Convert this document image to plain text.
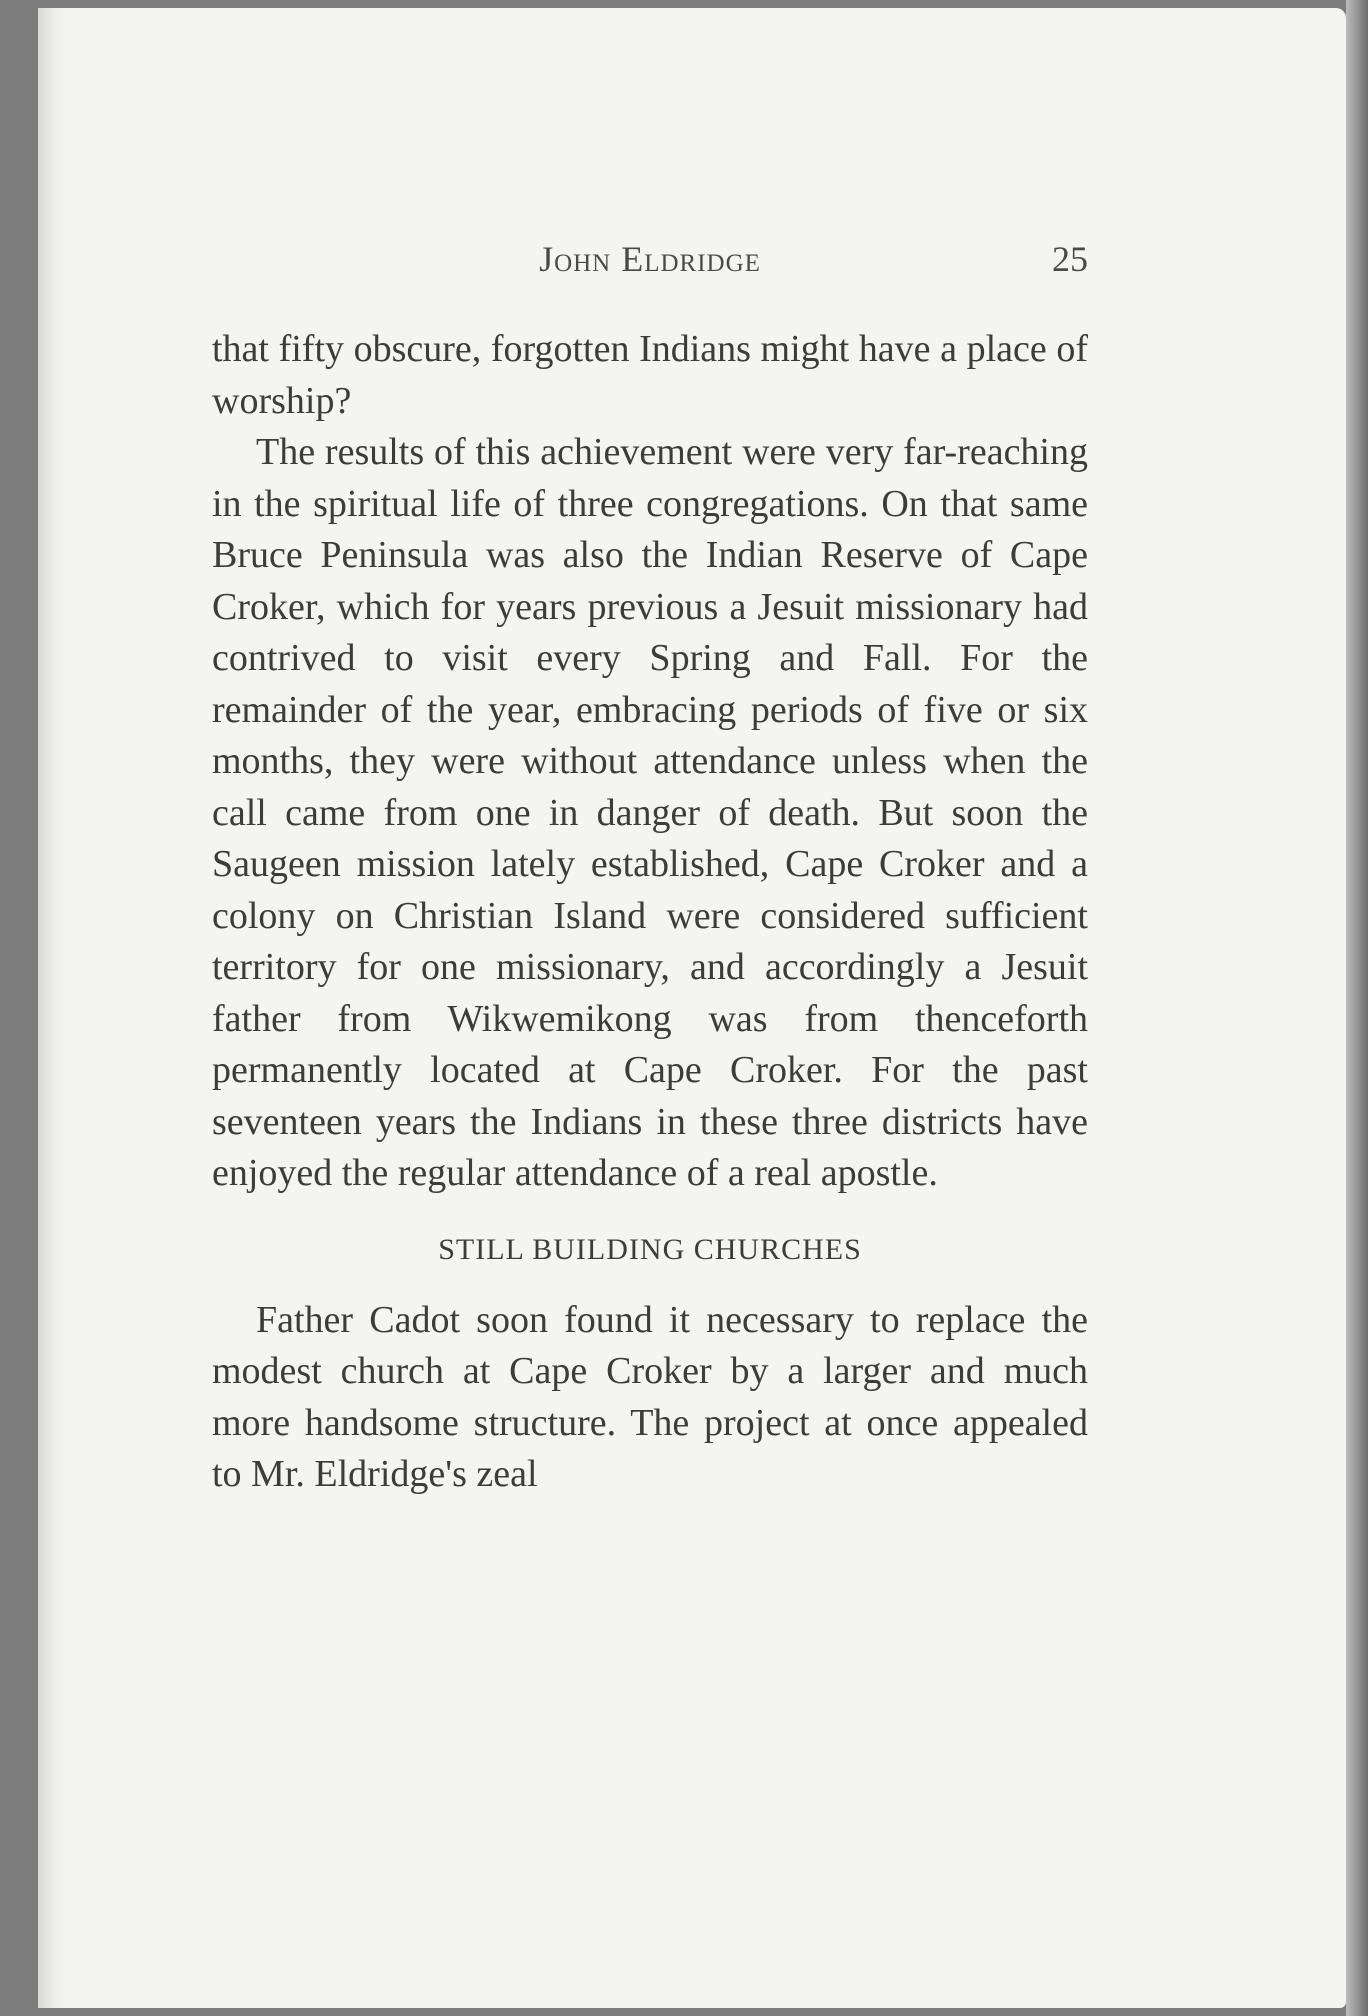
John Eldridge	25

that fifty obscure, forgotten Indians might have a place of worship?

The results of this achievement were very far-reaching in the spiritual life of three congregations. On that same Bruce Peninsula was also the Indian Reserve of Cape Croker, which for years previous a Jesuit missionary had contrived to visit every Spring and Fall. For the remainder of the year, embracing periods of five or six months, they were without attendance unless when the call came from one in danger of death. But soon the Saugeen mission lately established, Cape Croker and a colony on Christian Island were considered sufficient territory for one missionary, and accordingly a Jesuit father from Wikwemikong was from thenceforth permanently located at Cape Croker. For the past seventeen years the Indians in these three districts have enjoyed the regular attendance of a real apostle.

STILL BUILDING CHURCHES

Father Cadot soon found it necessary to replace the modest church at Cape Croker by a larger and much more handsome structure. The project at once appealed to Mr. Eldridge's zeal
